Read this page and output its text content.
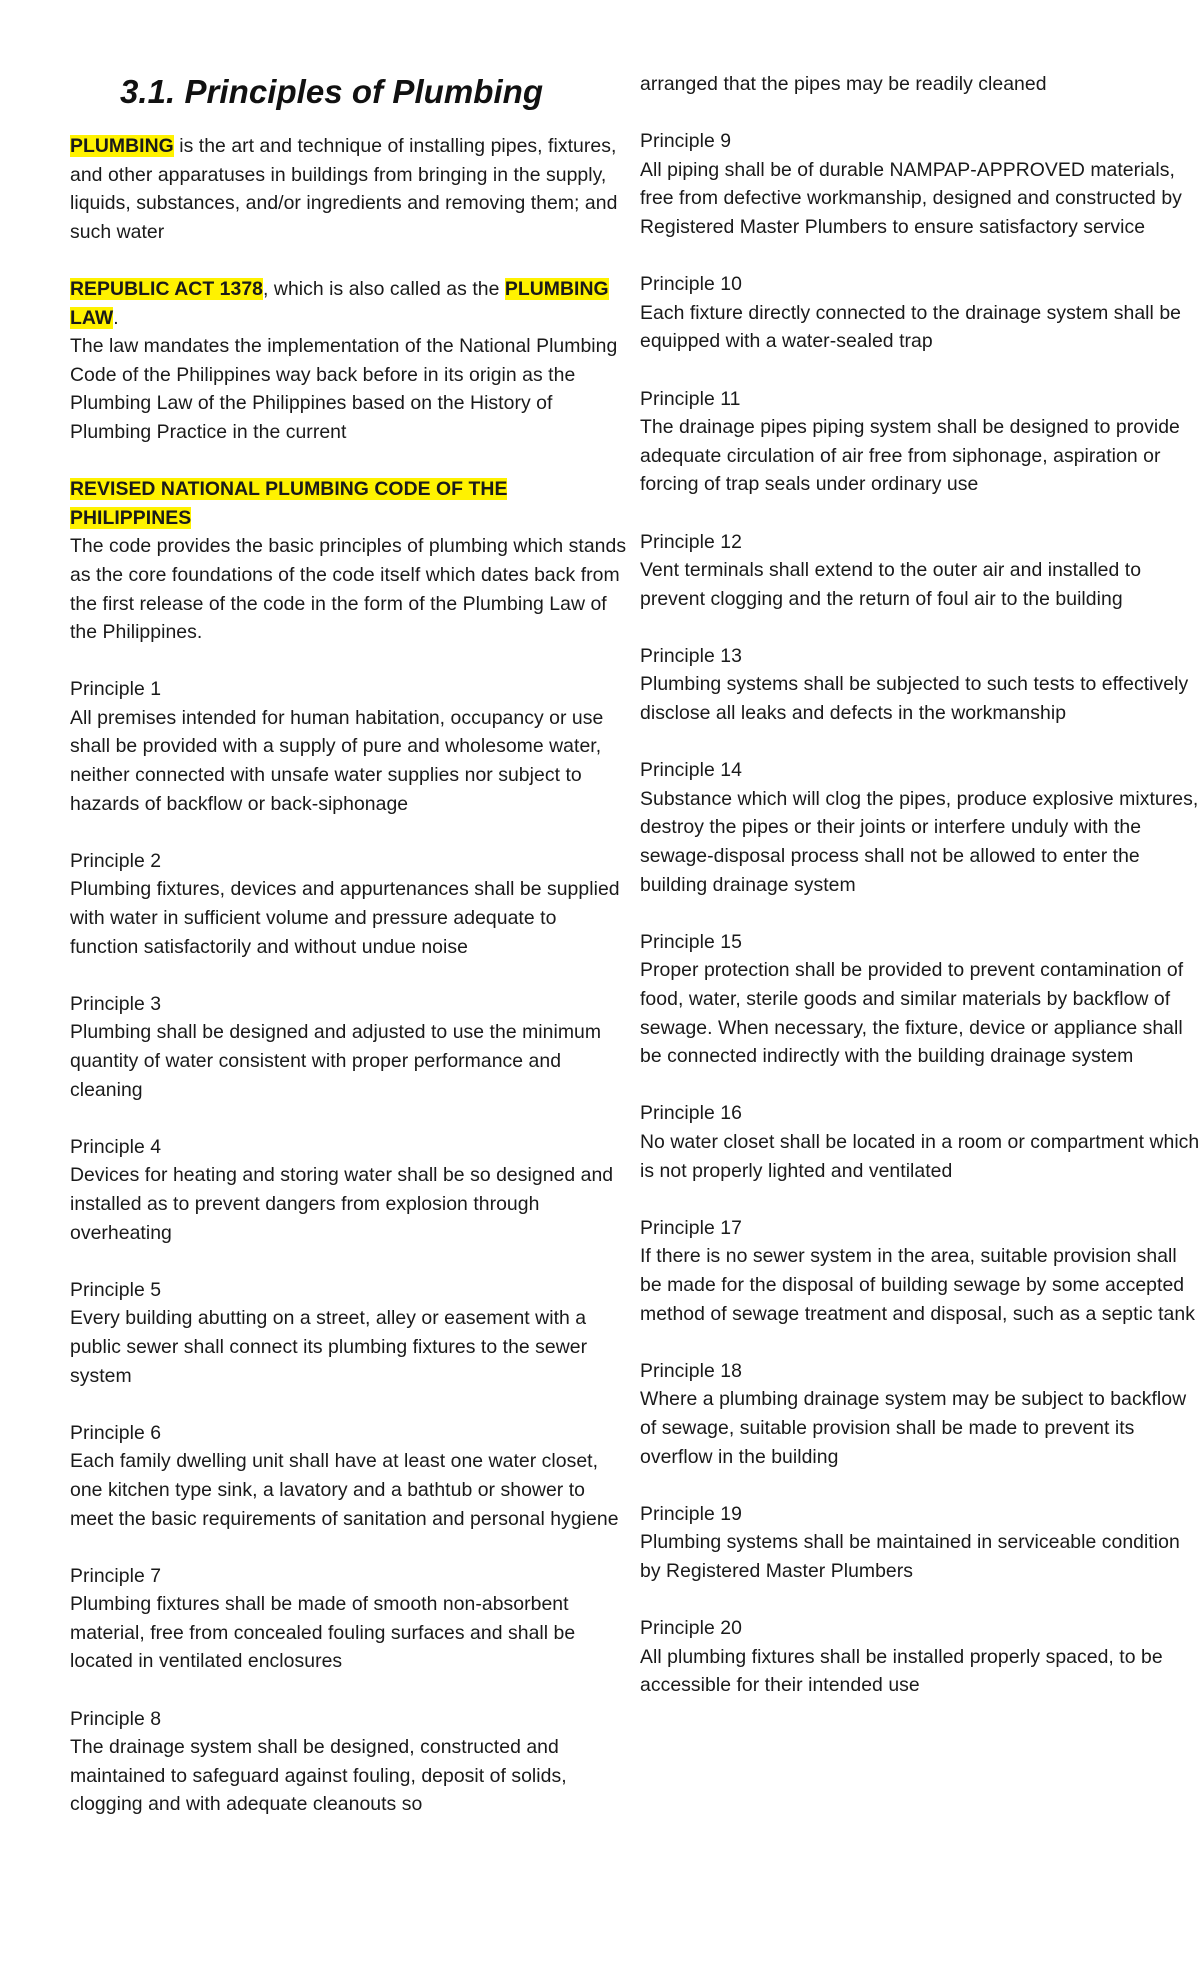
3.1. Principles of Plumbing

PLUMBING is the art and technique of installing pipes, fixtures, and other apparatuses in buildings from bringing in the supply, liquids, substances, and/or ingredients and removing them; and such water

REPUBLIC ACT 1378, which is also called as the PLUMBING LAW.

The law mandates the implementation of the National Plumbing Code of the Philippines way back before in its origin as the Plumbing Law of the Philippines based on the History of Plumbing Practice in the current

REVISED NATIONAL PLUMBING CODE OF THE PHILIPPINES

The code provides the basic principles of plumbing which stands as the core foundations of the code itself which dates back from the first release of the code in the form of the Plumbing Law of the Philippines.

Principle 1
All premises intended for human habitation, occupancy or use shall be provided with a supply of pure and wholesome water, neither connected with unsafe water supplies nor subject to hazards of backflow or back-siphonage
Principle 2
Plumbing fixtures, devices and appurtenances shall be supplied with water in sufficient volume and pressure adequate to function satisfactorily and without undue noise
Principle 3
Plumbing shall be designed and adjusted to use the minimum quantity of water consistent with proper performance and cleaning
Principle 4
Devices for heating and storing water shall be so designed and installed as to prevent dangers from explosion through overheating
Principle 5
Every building abutting on a street, alley or easement with a public sewer shall connect its plumbing fixtures to the sewer system
Principle 6
Each family dwelling unit shall have at least one water closet, one kitchen type sink, a lavatory and a bathtub or shower to meet the basic requirements of sanitation and personal hygiene
Principle 7
Plumbing fixtures shall be made of smooth non-absorbent material, free from concealed fouling surfaces and shall be located in ventilated enclosures
Principle 8
The drainage system shall be designed, constructed and maintained to safeguard against fouling, deposit of solids, clogging and with adequate cleanouts so

arranged that the pipes may be readily cleaned

Principle 9
All piping shall be of durable NAMPAP-APPROVED materials, free from defective workmanship, designed and constructed by Registered Master Plumbers to ensure satisfactory service
Principle 10
Each fixture directly connected to the drainage system shall be equipped with a water-sealed trap
Principle 11
The drainage pipes piping system shall be designed to provide adequate circulation of air free from siphonage, aspiration or forcing of trap seals under ordinary use
Principle 12
Vent terminals shall extend to the outer air and installed to prevent clogging and the return of foul air to the building
Principle 13
Plumbing systems shall be subjected to such tests to effectively disclose all leaks and defects in the workmanship
Principle 14
Substance which will clog the pipes, produce explosive mixtures, destroy the pipes or their joints or interfere unduly with the sewage-disposal process shall not be allowed to enter the building drainage system
Principle 15
Proper protection shall be provided to prevent contamination of food, water, sterile goods and similar materials by backflow of sewage. When necessary, the fixture, device or appliance shall be connected indirectly with the building drainage system
Principle 16
No water closet shall be located in a room or compartment which is not properly lighted and ventilated
Principle 17
If there is no sewer system in the area, suitable provision shall be made for the disposal of building sewage by some accepted method of sewage treatment and disposal, such as a septic tank
Principle 18
Where a plumbing drainage system may be subject to backflow of sewage, suitable provision shall be made to prevent its overflow in the building
Principle 19
Plumbing systems shall be maintained in serviceable condition by Registered Master Plumbers
Principle 20
All plumbing fixtures shall be installed properly spaced, to be accessible for their intended use
